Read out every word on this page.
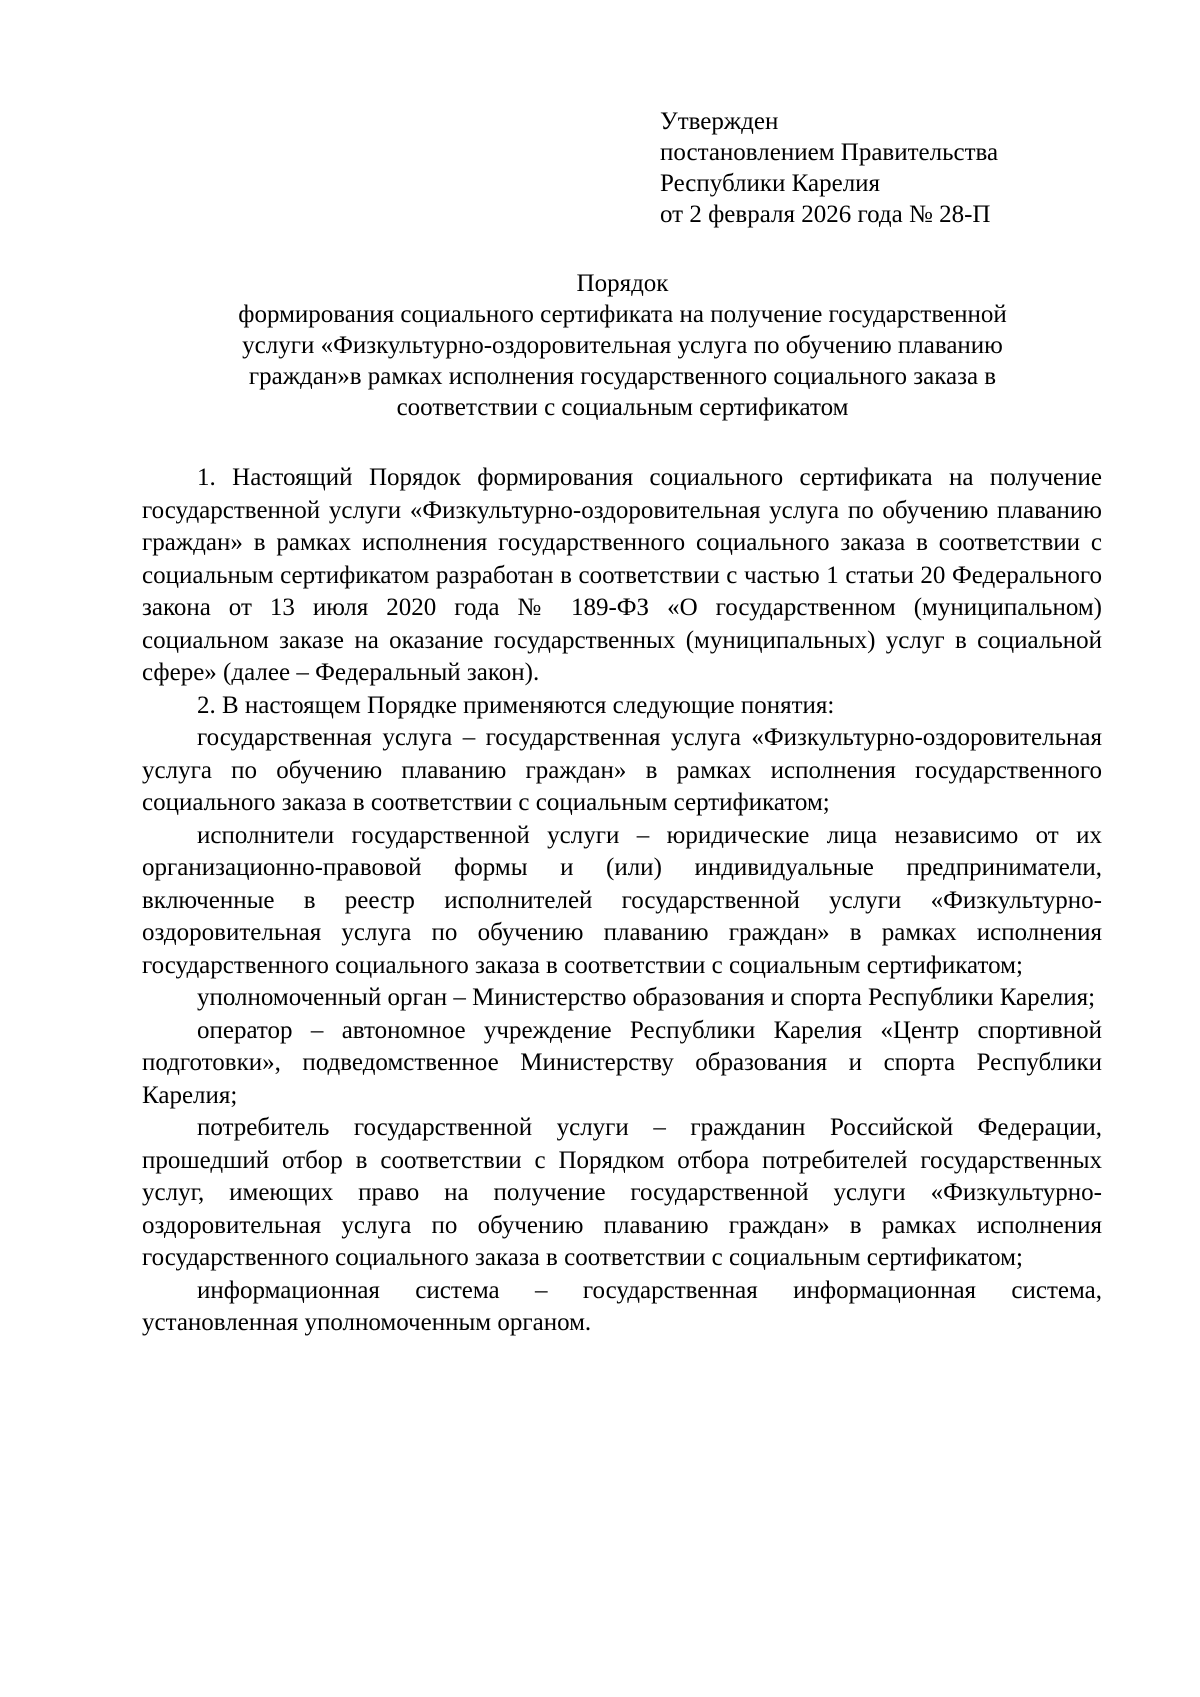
Утвержден
постановлением Правительства
Республики Карелия
от 2 февраля 2026 года № 28-П
Порядок
формирования социального сертификата на получение государственной
услуги «Физкультурно-оздоровительная услуга по обучению плаванию
граждан»в рамках исполнения государственного социального заказа в
соответствии с социальным сертификатом

1. Настоящий Порядок формирования социального сертификата на получение государственной услуги «Физкультурно-оздоровительная услуга по обучению плаванию граждан» в рамках исполнения государственного социального заказа в соответствии с социальным сертификатом разработан в соответствии с частью 1 статьи 20 Федерального закона от 13 июля 2020 года № 189-ФЗ «О государственном (муниципальном) социальном заказе на оказание государственных (муниципальных) услуг в социальной сфере» (далее – Федеральный закон).

2. В настоящем Порядке применяются следующие понятия:

государственная услуга – государственная услуга «Физкультурно-оздоровительная услуга по обучению плаванию граждан» в рамках исполнения государственного социального заказа в соответствии с социальным сертификатом;

исполнители государственной услуги – юридические лица независимо от их организационно-правовой формы и (или) индивидуальные предприниматели, включенные в реестр исполнителей государственной услуги «Физкультурно-оздоровительная услуга по обучению плаванию граждан» в рамках исполнения государственного социального заказа в соответствии с социальным сертификатом;

уполномоченный орган – Министерство образования и спорта Республики Карелия;

оператор – автономное учреждение Республики Карелия «Центр спортивной подготовки», подведомственное Министерству образования и спорта Республики Карелия;

потребитель государственной услуги – гражданин Российской Федерации, прошедший отбор в соответствии с Порядком отбора потребителей государственных услуг, имеющих право на получение государственной услуги «Физкультурно-оздоровительная услуга по обучению плаванию граждан» в рамках исполнения государственного социального заказа в соответствии с социальным сертификатом;

информационная система – государственная информационная система, установленная уполномоченным органом.
